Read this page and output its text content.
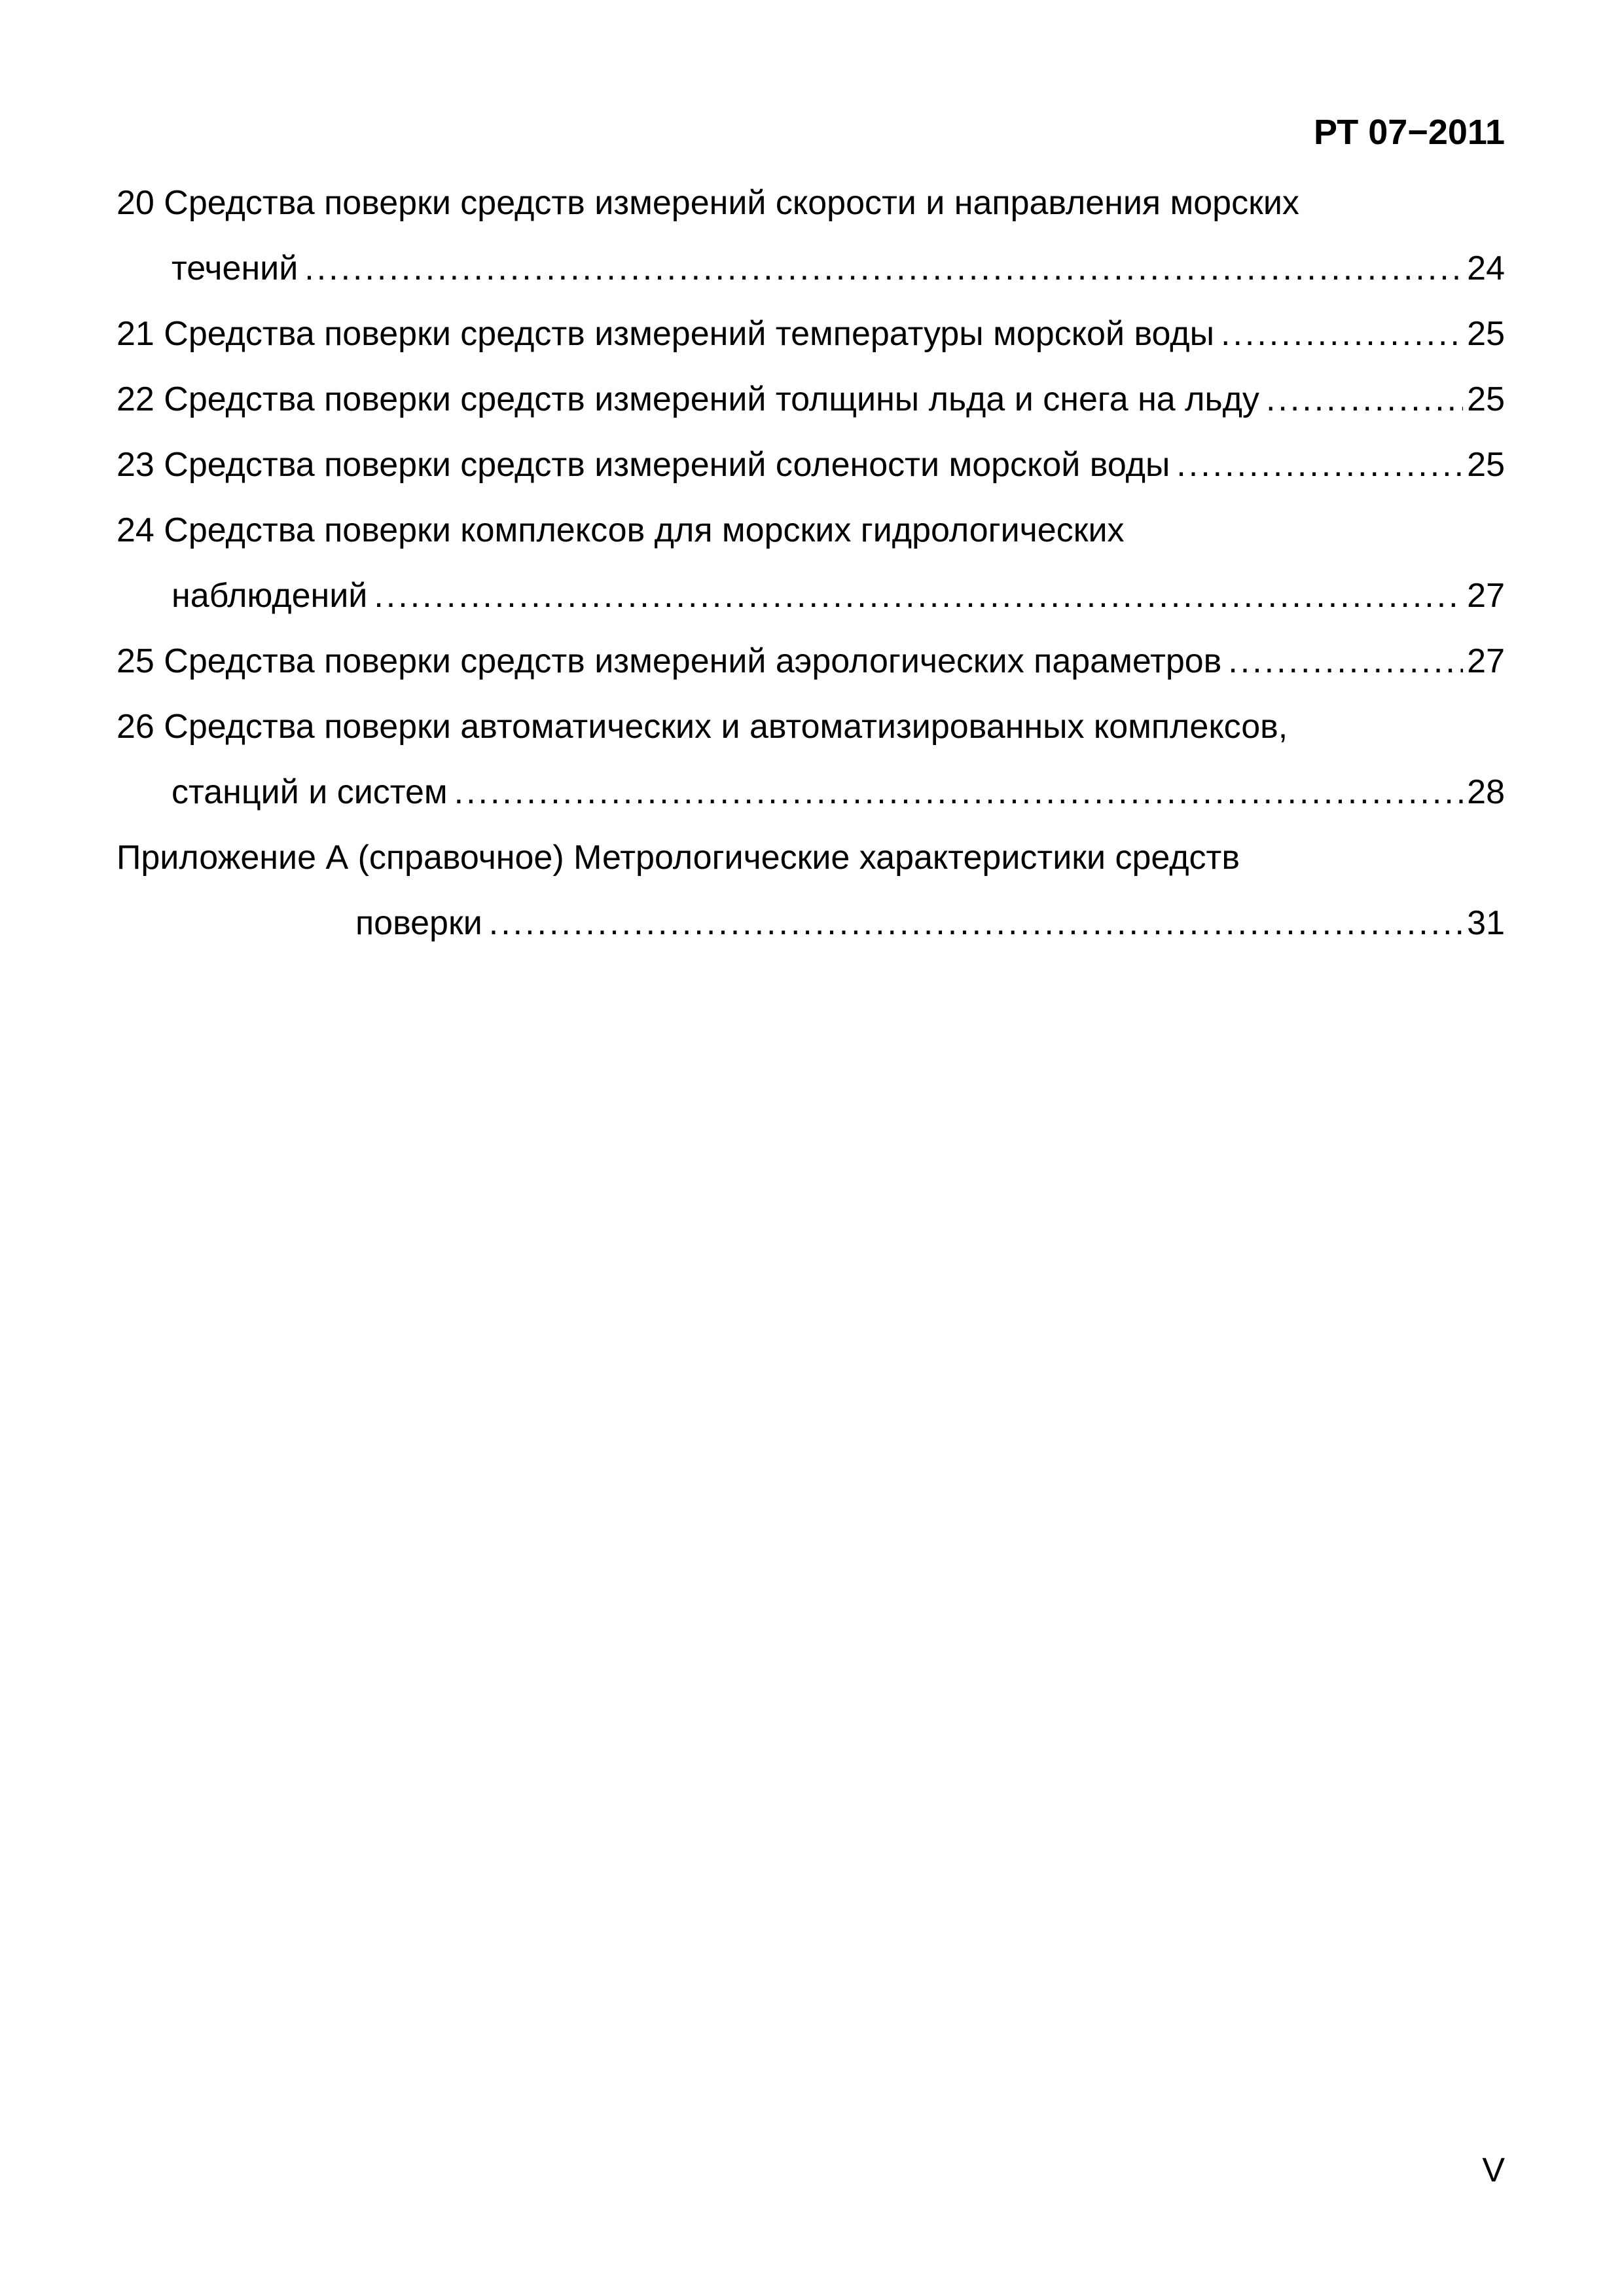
РТ 07−2011
20 Средства поверки средств измерений скорости и направления морских
течений .....	24
21 Средства поверки средств измерений температуры морской воды .....	25
22 Средства поверки средств измерений толщины льда и снега на льду .....	25
23 Средства поверки средств измерений солености морской воды .....	25
24 Средства поверки комплексов для морских гидрологических
наблюдений .....	27
25 Средства поверки средств измерений аэрологических параметров .....	27
26 Средства поверки автоматических и автоматизированных комплексов,
станций и систем .....	28
Приложение А (справочное) Метрологические характеристики средств
поверки .....	31
V
